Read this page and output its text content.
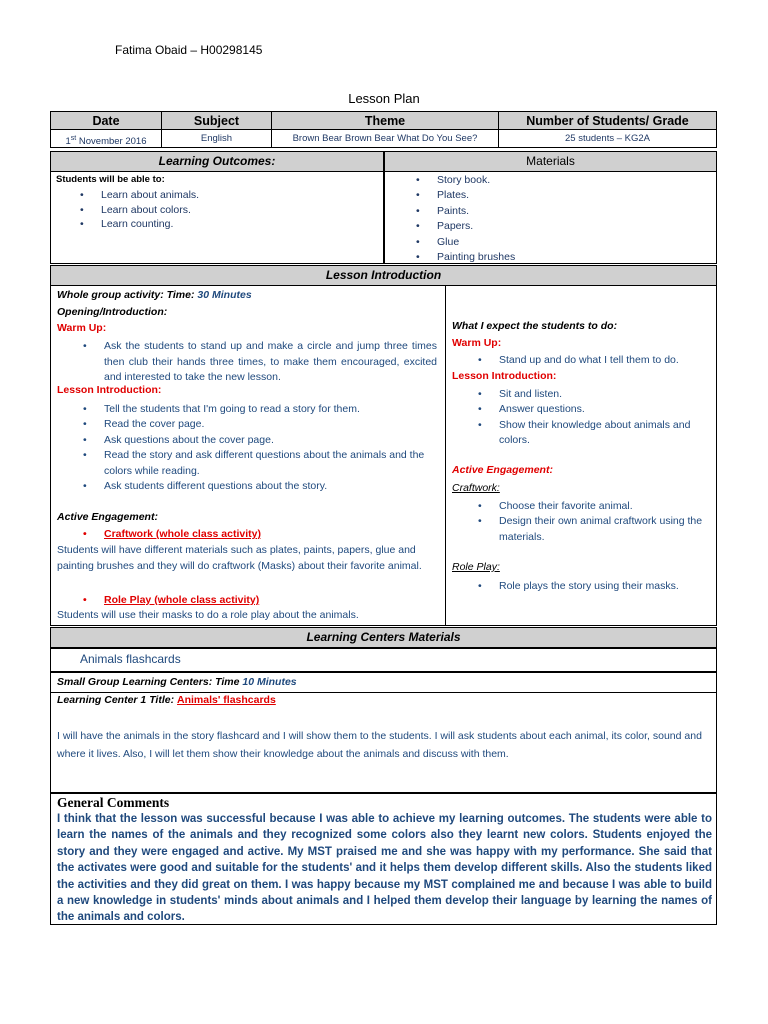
Fatima Obaid – H00298145
Lesson Plan
Date	Subject	Theme	Number of Students/ Grade
1st November 2016	English	Brown Bear Brown Bear What Do You See?	25 students – KG2A
Learning Outcomes:	Materials
Students will be able to:
• Learn about animals.
• Learn about colors.
• Learn counting.
• Story book.
• Plates.
• Paints.
• Papers.
• Glue
• Painting brushes
Lesson Introduction
Whole group activity: Time: 30 Minutes
Opening/Introduction:
Warm Up:
• Ask the students to stand up and make a circle and jump three times then club their hands three times, to make them encouraged, excited and interested to take the new lesson.
Lesson Introduction:
• Tell the students that I'm going to read a story for them.
• Read the cover page.
• Ask questions about the cover page.
• Read the story and ask different questions about the animals and the colors while reading.
• Ask students different questions about the story.
Active Engagement:
• Craftwork (whole class activity)
Students will have different materials such as plates, paints, papers, glue and painting brushes and they will do craftwork (Masks) about their favorite animal.
• Role Play (whole class activity)
Students will use their masks to do a role play about the animals.
What I expect the students to do:
Warm Up:
• Stand up and do what I tell them to do.
Lesson Introduction:
• Sit and listen.
• Answer questions.
• Show their knowledge about animals and colors.
Active Engagement:
Craftwork:
• Choose their favorite animal.
• Design their own animal craftwork using the materials.
Role Play:
• Role plays the story using their masks.
Learning Centers Materials
Animals flashcards
Small Group Learning Centers: Time 10 Minutes
Learning Center 1 Title: Animals' flashcards
I will have the animals in the story flashcard and I will show them to the students. I will ask students about each animal, its color, sound and where it lives. Also, I will let them show their knowledge about the animals and discuss with them.
General Comments
I think that the lesson was successful because I was able to achieve my learning outcomes. The students were able to learn the names of the animals and they recognized some colors also they learnt new colors. Students enjoyed the story and they were engaged and active. My MST praised me and she was happy with my performance. She said that the activates were good and suitable for the students' and it helps them develop different skills. Also the students liked the activities and they did great on them. I was happy because my MST complained me and because I was able to build a new knowledge in students' minds about animals and I helped them develop their language by learning the names of the animals and colors.
